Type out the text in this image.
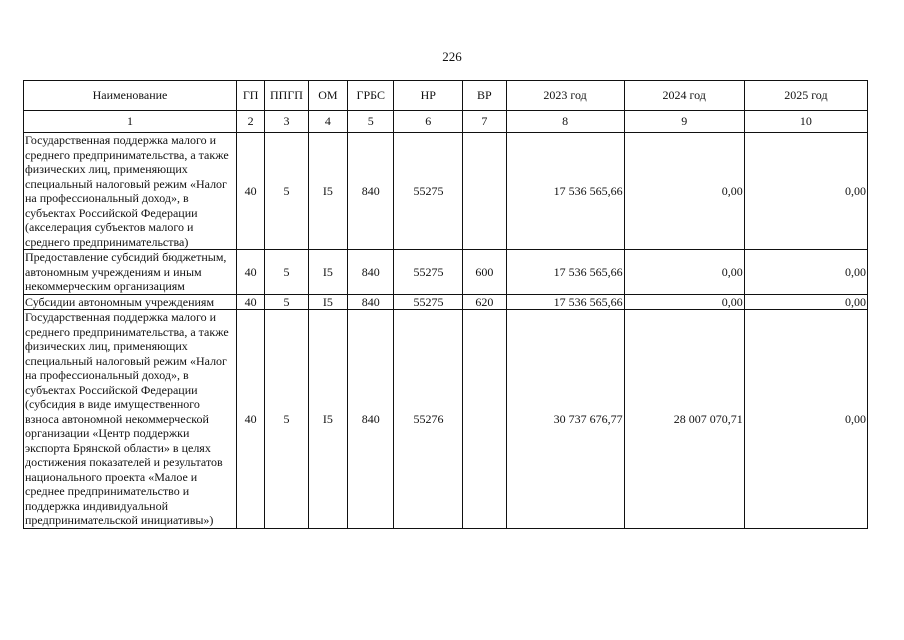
226
Наименование	ГП	ППГП	ОМ	ГРБС	НР	ВР	2023 год	2024 год	2025 год
1	2	3	4	5	6	7	8	9	10
Государственная поддержка малого и среднего предпринимательства, а также физических лиц, применяющих специальный налоговый режим «Налог на профессиональный доход», в субъектах Российской Федерации (акселерация субъектов малого и среднего предпринимательства)	40	5	I5	840	55275		17 536 565,66	0,00	0,00
Предоставление субсидий бюджетным, автономным учреждениям и иным некоммерческим организациям	40	5	I5	840	55275	600	17 536 565,66	0,00	0,00
Субсидии автономным учреждениям	40	5	I5	840	55275	620	17 536 565,66	0,00	0,00
Государственная поддержка малого и среднего предпринимательства, а также физических лиц, применяющих специальный налоговый режим «Налог на профессиональный доход», в субъектах Российской Федерации (субсидия в виде имущественного взноса автономной некоммерческой организации «Центр поддержки экспорта Брянской области» в целях достижения показателей и результатов национального проекта «Малое и среднее предпринимательство и поддержка индивидуальной предпринимательской инициативы»)	40	5	I5	840	55276		30 737 676,77	28 007 070,71	0,00
